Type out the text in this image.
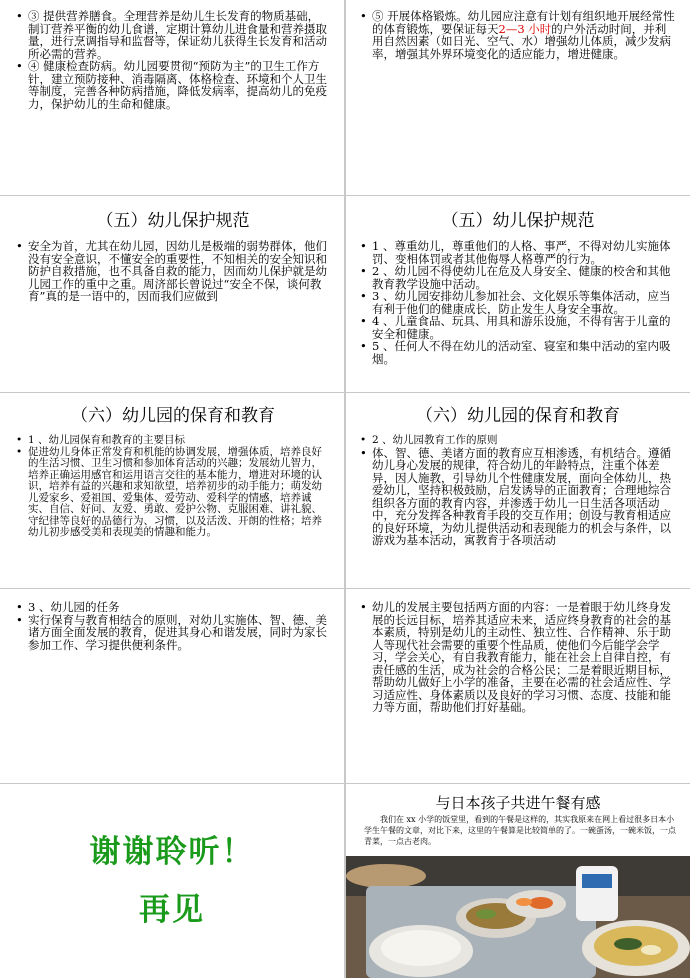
• ③ 提供营养膳食。全理营养是幼儿生长发育的物质基础，制订营养平衡的幼儿食谱，定期计算幼儿进食量和营养摄取量，进行烹调指导和监督等，保证幼儿获得生长发育和活动所必需的营养。
• ④ 健康检查防病。幼儿园要贯彻“预防为主”的卫生工作方针，建立预防接种、消毒隔离、体格检查、环境和个人卫生等制度，完善各种防病措施，降低发病率，提高幼儿的免疫力，保护幼儿的生命和健康。
• ⑤ 开展体格锻炼。幼儿园应注意有计划有组织地开展经常性的体育锻炼，要保证每天2—3 小时的户外活动时间，并利用自然因素（如日光、空气、水）增强幼儿体质，减少发病率，增强其外界环境变化的适应能力，增进健康。
（五）幼儿保护规范
• 安全为首，尤其在幼儿园，因幼儿是极端的弱势群体，他们没有安全意识，不懂安全的重要性，不知相关的安全知识和防护自救措施，也不具备自救的能力，因而幼儿保护就是幼儿园工作的重中之重。周济部长曾说过“安全不保，谈何教育”真的是一语中的，因而我们应做到
（五）幼儿保护规范
• 1 、尊重幼儿，尊重他们的人格、事严，不得对幼儿实施体罚、变相体罚或者其他侮辱人格尊严的行为。
• 2 、幼儿园不得使幼儿在危及人身安全、健康的校舍和其他教育教学设施中活动。
• 3 、幼儿园安排幼儿参加社会、文化娱乐等集体活动，应当有利于他们的健康成长，防止发生人身安全事故。
• 4 、儿童食品、玩具、用具和游乐设施，不得有害于儿童的安全和健康。
• 5 、任何人不得在幼儿的活动室、寝室和集中活动的室内吸烟。
（六）幼儿园的保育和教育
• 1 、幼儿园保育和教育的主要目标
• 促进幼儿身体正常发育和机能的协调发展，增强体质，培养良好的生活习惯、卫生习惯和参加体育活动的兴趣；发展幼儿智力，培养正确运用感官和运用语言交往的基本能力，增进对环境的认识，培养有益的兴趣和求知欲望，培养初步的动手能力；萌发幼儿爱家乡、爱祖国、爱集体、爱劳动、爱科学的情感，培养诚实、自信、好问、友爱、勇敢、爱护公物、克服困难、讲礼貌、守纪律等良好的品德行为、习惯，以及活泼、开朗的性格；培养幼儿初步感受美和表现美的情趣和能力。
（六）幼儿园的保育和教育
• 2 、幼儿园教育工作的原则
• 体、智、德、美诸方面的教育应互相渗透，有机结合。遵循幼儿身心发展的规律，符合幼儿的年龄特点，注重个体差异，因人施教，引导幼儿个性健康发展，面向全体幼儿，热爱幼儿，坚持积极鼓励，启发诱导的正面教育；合理地综合组织各方面的教育内容，并渗透于幼儿一日生活各项活动中，充分发挥各种教育手段的交互作用；创设与教育相适应的良好环境，为幼儿提供活动和表现能力的机会与条件，以游戏为基本活动，寓教育于各项活动
• 3 、幼儿园的任务
• 实行保育与教育相结合的原则，对幼儿实施体、智、德、美诸方面全面发展的教育，促进其身心和谐发展，同时为家长参加工作、学习提供便利条件。
• 幼儿的发展主要包括两方面的内容：一是着眼于幼儿终身发展的长远目标，培养其适应未来，适应终身教育的社会的基本素质，特别是幼儿的主动性、独立性、合作精神、乐于助人等现代社会需要的重要个性品质，使他们今后能学会学习，学会关心，有自我教育能力，能在社会上自律自控，有责任感的生活，成为社会的合格公民；二是着眼近期目标，帮助幼儿做好上小学的准备，主要在必需的社会适应性、学习适应性、身体素质以及良好的学习习惯、态度、技能和能力等方面，帮助他们打好基础。
谢谢聆听！
再见
与日本孩子共进午餐有感
我们在 xx 小学的饭堂里，看到的午餐是这样的，其实我原来在网上看过很多日本小学生午餐的文章，对比下来，这里的午餐算是比较简单的了。一碗蛋汤，一碗米饭，一点青菜，一点古老肉。
